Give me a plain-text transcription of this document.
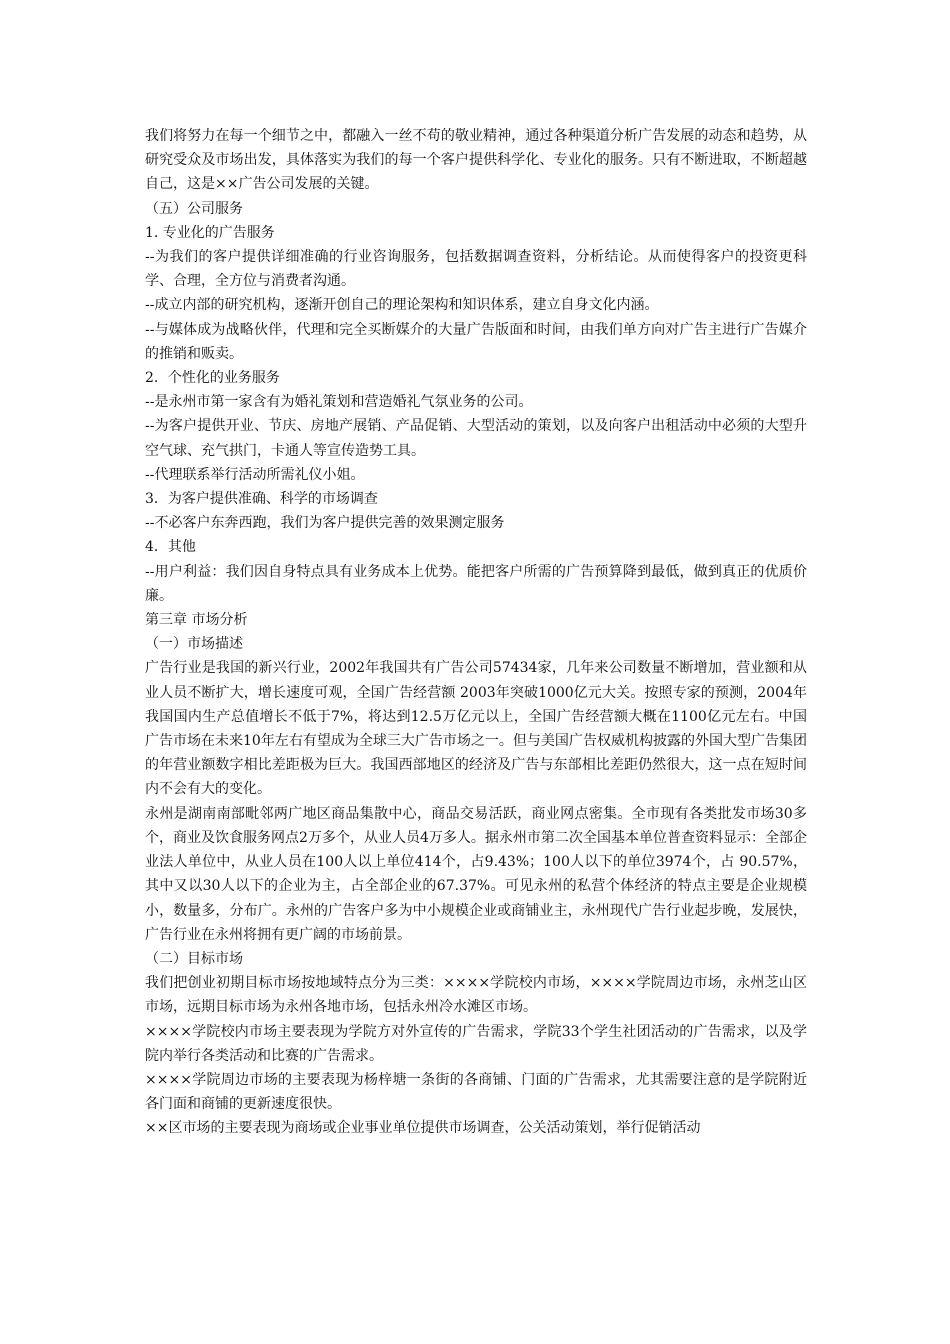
我们将努力在每一个细节之中，都融入一丝不苟的敬业精神，通过各种渠道分析广告发展的动态和趋势，从研究受众及市场出发，具体落实为我们的每一个客户提供科学化、专业化的服务。只有不断进取，不断超越自己，这是××广告公司发展的关键。

（五）公司服务

1. 专业化的广告服务

--为我们的客户提供详细准确的行业咨询服务，包括数据调查资料，分析结论。从而使得客户的投资更科学、合理，全方位与消费者沟通。

--成立内部的研究机构，逐渐开创自己的理论架构和知识体系，建立自身文化内涵。

--与媒体成为战略伙伴，代理和完全买断媒介的大量广告版面和时间，由我们单方向对广告主进行广告媒介的推销和贩卖。

2．个性化的业务服务

--是永州市第一家含有为婚礼策划和营造婚礼气氛业务的公司。

--为客户提供开业、节庆、房地产展销、产品促销、大型活动的策划，以及向客户出租活动中必须的大型升空气球、充气拱门，卡通人等宣传造势工具。

--代理联系举行活动所需礼仪小姐。

3．为客户提供准确、科学的市场调查

--不必客户东奔西跑，我们为客户提供完善的效果测定服务

4．其他

--用户利益：我们因自身特点具有业务成本上优势。能把客户所需的广告预算降到最低，做到真正的优质价廉。

第三章 市场分析

（一）市场描述

广告行业是我国的新兴行业，2002年我国共有广告公司57434家，几年来公司数量不断增加，营业额和从业人员不断扩大，增长速度可观，全国广告经营额 2003年突破1000亿元大关。按照专家的预测，2004年我国国内生产总值增长不低于7%，将达到12.5万亿元以上，全国广告经营额大概在1100亿元左右。中国广告市场在未来10年左右有望成为全球三大广告市场之一。但与美国广告权威机构披露的外国大型广告集团的年营业额数字相比差距极为巨大。我国西部地区的经济及广告与东部相比差距仍然很大，这一点在短时间内不会有大的变化。

永州是湖南南部毗邻两广地区商品集散中心，商品交易活跃，商业网点密集。全市现有各类批发市场30多个，商业及饮食服务网点2万多个，从业人员4万多人。据永州市第二次全国基本单位普查资料显示：全部企业法人单位中，从业人员在100人以上单位414个，占9.43%；100人以下的单位3974个，占 90.57%，其中又以30人以下的企业为主，占全部企业的67.37%。可见永州的私营个体经济的特点主要是企业规模小，数量多，分布广。永州的广告客户多为中小规模企业或商铺业主，永州现代广告行业起步晚，发展快，广告行业在永州将拥有更广阔的市场前景。

（二）目标市场

我们把创业初期目标市场按地域特点分为三类：××××学院校内市场，××××学院周边市场，永州芝山区市场，远期目标市场为永州各地市场，包括永州冷水滩区市场。

××××学院校内市场主要表现为学院方对外宣传的广告需求，学院33个学生社团活动的广告需求，以及学院内举行各类活动和比赛的广告需求。

××××学院周边市场的主要表现为杨梓塘一条街的各商铺、门面的广告需求，尤其需要注意的是学院附近各门面和商铺的更新速度很快。

××区市场的主要表现为商场或企业事业单位提供市场调查，公关活动策划，举行促销活动
